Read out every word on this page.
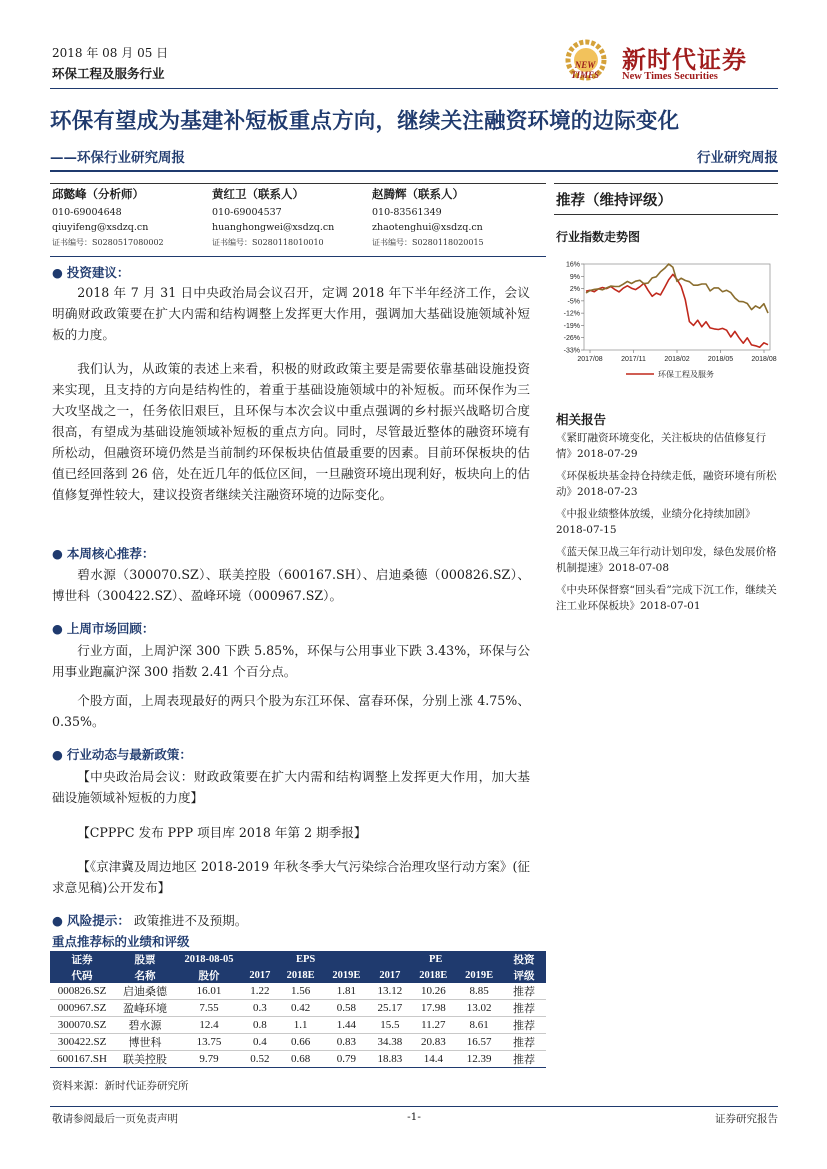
2018 年 08 月 05 日
环保工程及服务行业
NEW
TIMES
新时代证券
New Times Securities
环保有望成为基建补短板重点方向，继续关注融资环境的边际变化
——环保行业研究周报	行业研究周报
邱懿峰（分析师）
010-69004648
qiuyifeng@xsdzq.cn
证书编号：S0280517080002
黄红卫（联系人）
010-69004537
huanghongwei@xsdzq.cn
证书编号：S0280118010010
赵腾辉（联系人）
010-83561349
zhaotenghui@xsdzq.cn
证书编号：S0280118020015
推荐（维持评级）
行业指数走势图
16%
9%
2%
-5%
-12%
-19%
-26%
-33%
2017/08	2017/11	2018/02	2018/05	2018/08
环保工程及服务
相关报告
《紧盯融资环境变化，关注板块的估值修复行情》2018-07-29
《环保板块基金持仓持续走低，融资环境有所松动》2018-07-23
《中报业绩整体放缓，业绩分化持续加剧》2018-07-15
《蓝天保卫战三年行动计划印发，绿色发展价格机制提速》2018-07-08
《中央环保督察“回头看”完成下沉工作，继续关注工业环保板块》2018-07-01
● 投资建议：
2018 年 7 月 31 日中央政治局会议召开，定调 2018 年下半年经济工作，会议明确财政政策要在扩大内需和结构调整上发挥更大作用，强调加大基础设施领域补短板的力度。
我们认为，从政策的表述上来看，积极的财政政策主要是需要依靠基础设施投资来实现，且支持的方向是结构性的，着重于基础设施领域中的补短板。而环保作为三大攻坚战之一，任务依旧艰巨，且环保与本次会议中重点强调的乡村振兴战略切合度很高，有望成为基础设施领域补短板的重点方向。同时，尽管最近整体的融资环境有所松动，但融资环境仍然是当前制约环保板块估值最重要的因素。目前环保板块的估值已经回落到 26 倍，处在近几年的低位区间，一旦融资环境出现利好，板块向上的估值修复弹性较大，建议投资者继续关注融资环境的边际变化。
● 本周核心推荐：
碧水源（300070.SZ）、联美控股（600167.SH）、启迪桑德（000826.SZ）、博世科（300422.SZ）、盈峰环境（000967.SZ）。
● 上周市场回顾：
行业方面，上周沪深 300 下跌 5.85%，环保与公用事业下跌 3.43%，环保与公用事业跑赢沪深 300 指数 2.41 个百分点。
个股方面，上周表现最好的两只个股为东江环保、富春环保，分别上涨 4.75%、0.35%。
● 行业动态与最新政策：
【中央政治局会议：财政政策要在扩大内需和结构调整上发挥更大作用，加大基础设施领域补短板的力度】
【CPPPC 发布 PPP 项目库 2018 年第 2 期季报】
【《京津冀及周边地区 2018-2019 年秋冬季大气污染综合治理攻坚行动方案》(征求意见稿)公开发布】
● 风险提示： 政策推进不及预期。
重点推荐标的业绩和评级
证券	股票	2018-08-05	EPS			PE			投资
代码	名称	股价	2017	2018E	2019E	2017	2018E	2019E	评级
000826.SZ	启迪桑德	16.01	1.22	1.56	1.81	13.12	10.26	8.85	推荐
000967.SZ	盈峰环境	7.55	0.3	0.42	0.58	25.17	17.98	13.02	推荐
300070.SZ	碧水源	12.4	0.8	1.1	1.44	15.5	11.27	8.61	推荐
300422.SZ	博世科	13.75	0.4	0.66	0.83	34.38	20.83	16.57	推荐
600167.SH	联美控股	9.79	0.52	0.68	0.79	18.83	14.4	12.39	推荐
资料来源：新时代证券研究所
敬请参阅最后一页免责声明	-1-	证券研究报告
